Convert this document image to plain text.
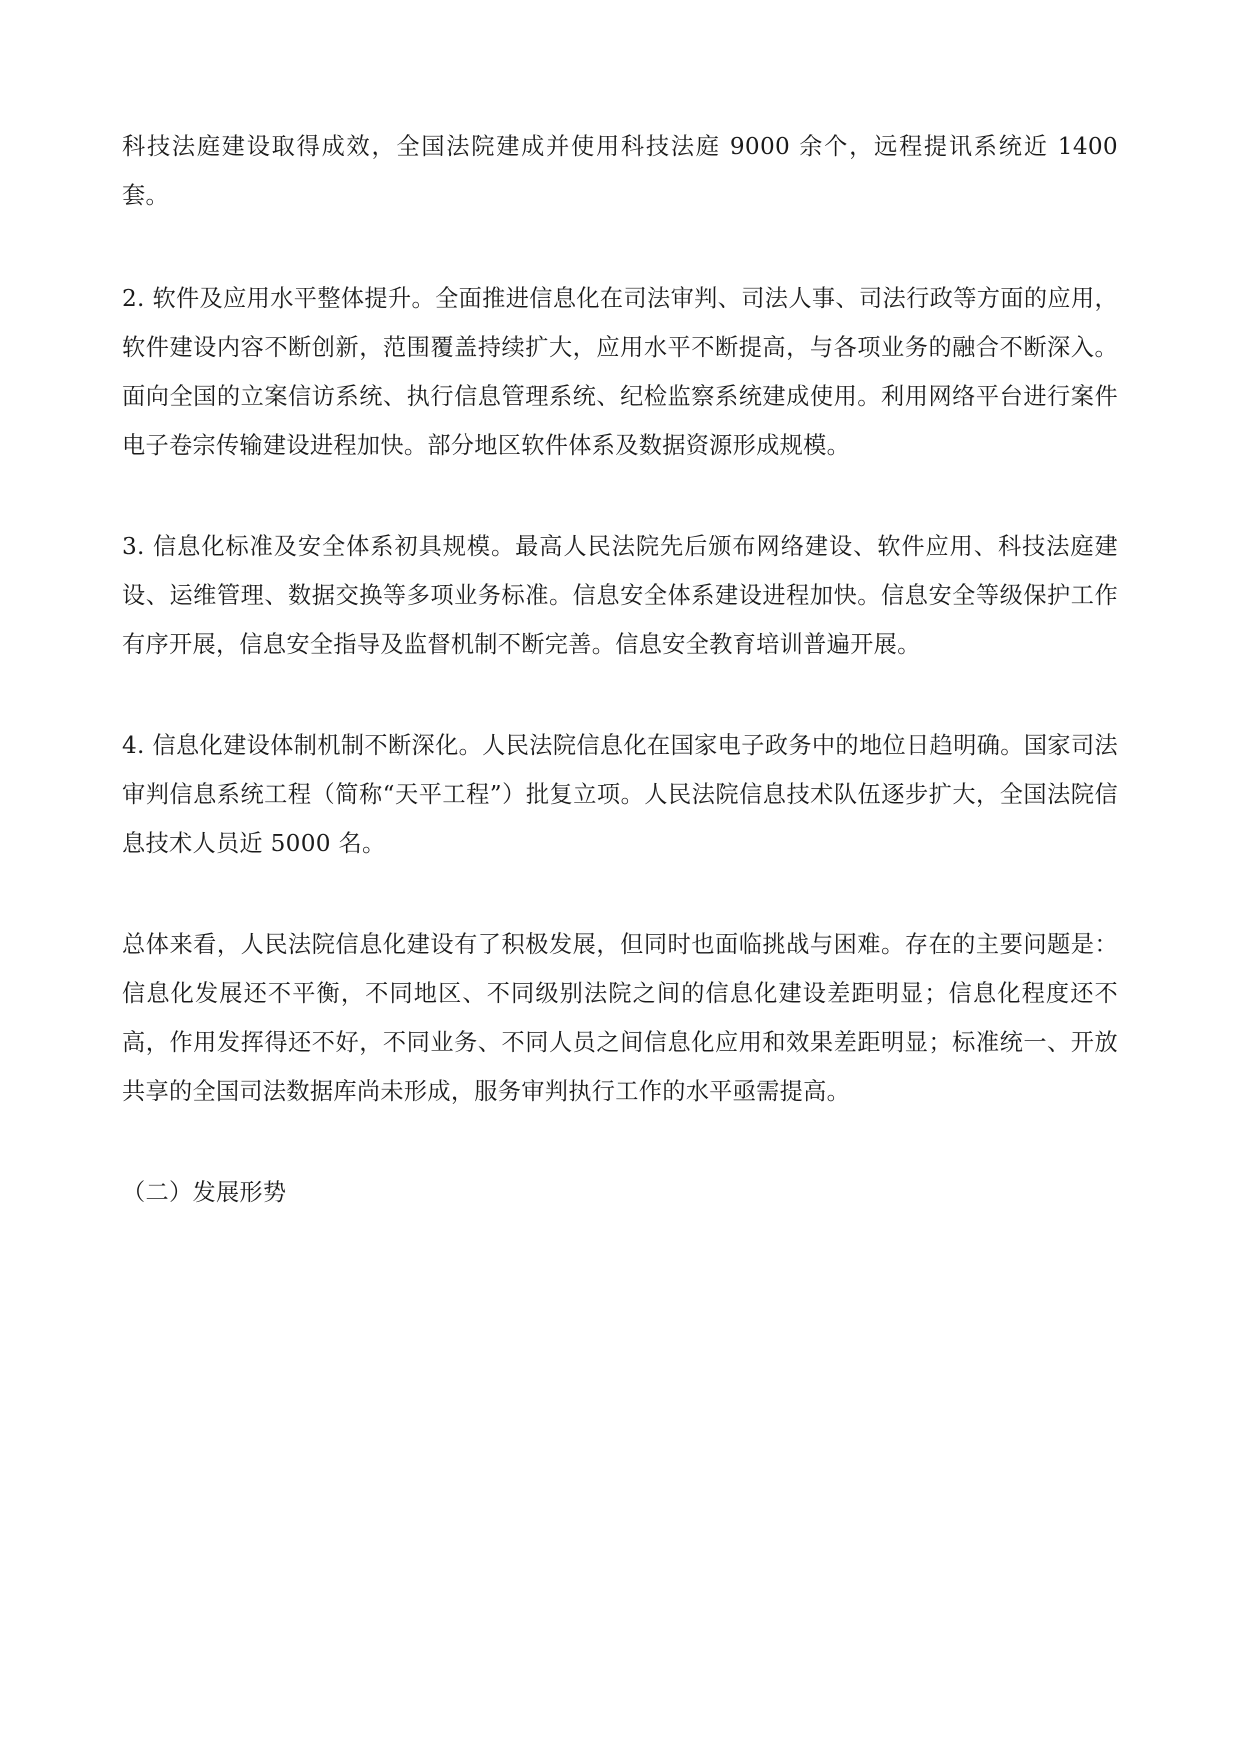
科技法庭建设取得成效，全国法院建成并使用科技法庭 9000 余个，远程提讯系统近 1400 套。

2. 软件及应用水平整体提升。全面推进信息化在司法审判、司法人事、司法行政等方面的应用，软件建设内容不断创新，范围覆盖持续扩大，应用水平不断提高，与各项业务的融合不断深入。面向全国的立案信访系统、执行信息管理系统、纪检监察系统建成使用。利用网络平台进行案件电子卷宗传输建设进程加快。部分地区软件体系及数据资源形成规模。

3. 信息化标准及安全体系初具规模。最高人民法院先后颁布网络建设、软件应用、科技法庭建设、运维管理、数据交换等多项业务标准。信息安全体系建设进程加快。信息安全等级保护工作有序开展，信息安全指导及监督机制不断完善。信息安全教育培训普遍开展。

4. 信息化建设体制机制不断深化。人民法院信息化在国家电子政务中的地位日趋明确。国家司法审判信息系统工程（简称“天平工程”）批复立项。人民法院信息技术队伍逐步扩大，全国法院信息技术人员近 5000 名。

总体来看，人民法院信息化建设有了积极发展，但同时也面临挑战与困难。存在的主要问题是：信息化发展还不平衡，不同地区、不同级别法院之间的信息化建设差距明显；信息化程度还不高，作用发挥得还不好，不同业务、不同人员之间信息化应用和效果差距明显；标准统一、开放共享的全国司法数据库尚未形成，服务审判执行工作的水平亟需提高。

（二）发展形势
